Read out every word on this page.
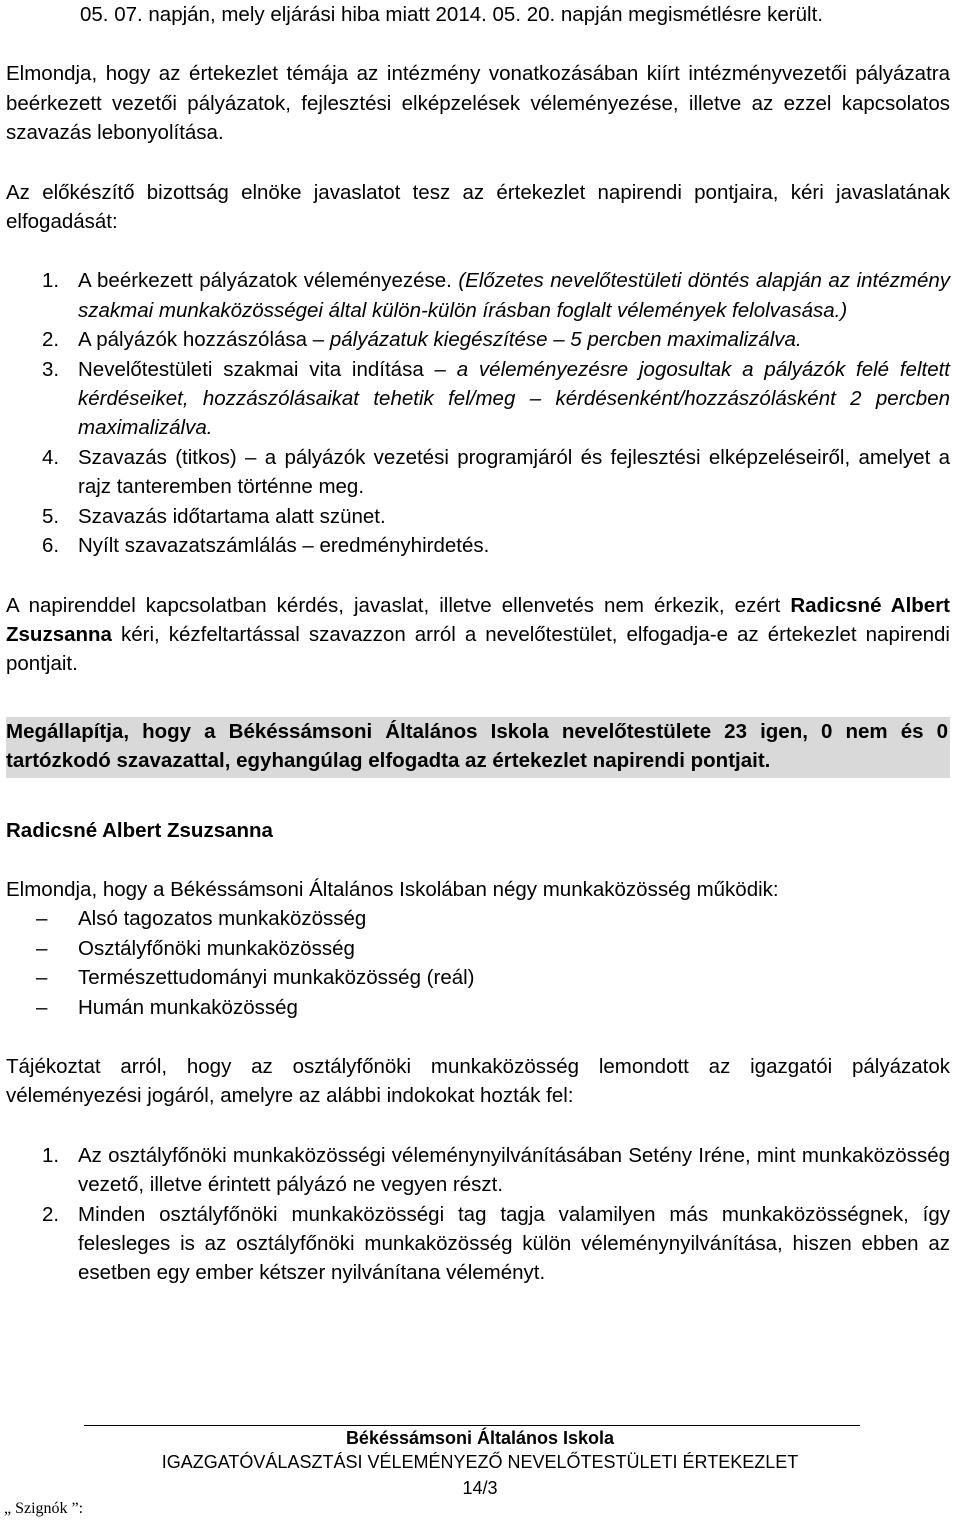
05. 07. napján, mely eljárási hiba miatt 2014. 05. 20. napján megismétlésre került.

Elmondja, hogy az értekezlet témája az intézmény vonatkozásában kiírt intézményvezetői pályázatra beérkezett vezetői pályázatok, fejlesztési elképzelések véleményezése, illetve az ezzel kapcsolatos szavazás lebonyolítása.

Az előkészítő bizottság elnöke javaslatot tesz az értekezlet napirendi pontjaira, kéri javaslatának elfogadását:

1. A beérkezett pályázatok véleményezése. (Előzetes nevelőtestületi döntés alapján az intézmény szakmai munkaközösségei által külön-külön írásban foglalt vélemények felolvasása.)
2. A pályázók hozzászólása – pályázatuk kiegészítése – 5 percben maximalizálva.
3. Nevelőtestületi szakmai vita indítása – a véleményezésre jogosultak a pályázók felé feltett kérdéseiket, hozzászólásaikat tehetik fel/meg – kérdésenként/hozzászólásként 2 percben maximalizálva.
4. Szavazás (titkos) – a pályázók vezetési programjáról és fejlesztési elképzeléseiről, amelyet a rajz tanteremben történne meg.
5. Szavazás időtartama alatt szünet.
6. Nyílt szavazatszámlálás – eredményhirdetés.

A napirenddel kapcsolatban kérdés, javaslat, illetve ellenvetés nem érkezik, ezért Radicsné Albert Zsuzsanna kéri, kézfeltartással szavazzon arról a nevelőtestület, elfogadja-e az értekezlet napirendi pontjait.

Megállapítja, hogy a Békéssámsoni Általános Iskola nevelőtestülete 23 igen, 0 nem és 0 tartózkodó szavazattal, egyhangúlag elfogadta az értekezlet napirendi pontjait.

Radicsné Albert Zsuzsanna

Elmondja, hogy a Békéssámsoni Általános Iskolában négy munkaközösség működik:

–	Alsó tagozatos munkaközösség
–	Osztályfőnöki munkaközösség
–	Természettudományi munkaközösség (reál)
–	Humán munkaközösség

Tájékoztat arról, hogy az osztályfőnöki munkaközösség lemondott az igazgatói pályázatok véleményezési jogáról, amelyre az alábbi indokokat hozták fel:

1. Az osztályfőnöki munkaközösségi véleménynyilvánításában Setény Iréne, mint munkaközösség vezető, illetve érintett pályázó ne vegyen részt.
2. Minden osztályfőnöki munkaközösségi tag tagja valamilyen más munkaközösségnek, így felesleges is az osztályfőnöki munkaközösség külön véleménynyilvánítása, hiszen ebben az esetben egy ember kétszer nyilvánítana véleményt.
Békéssámsoni Általános Iskola
IGAZGATÓVÁLASZTÁSI VÉLEMÉNYEZŐ NEVELŐTESTÜLETI ÉRTEKEZLET
14/3
„ Szignók ”:
